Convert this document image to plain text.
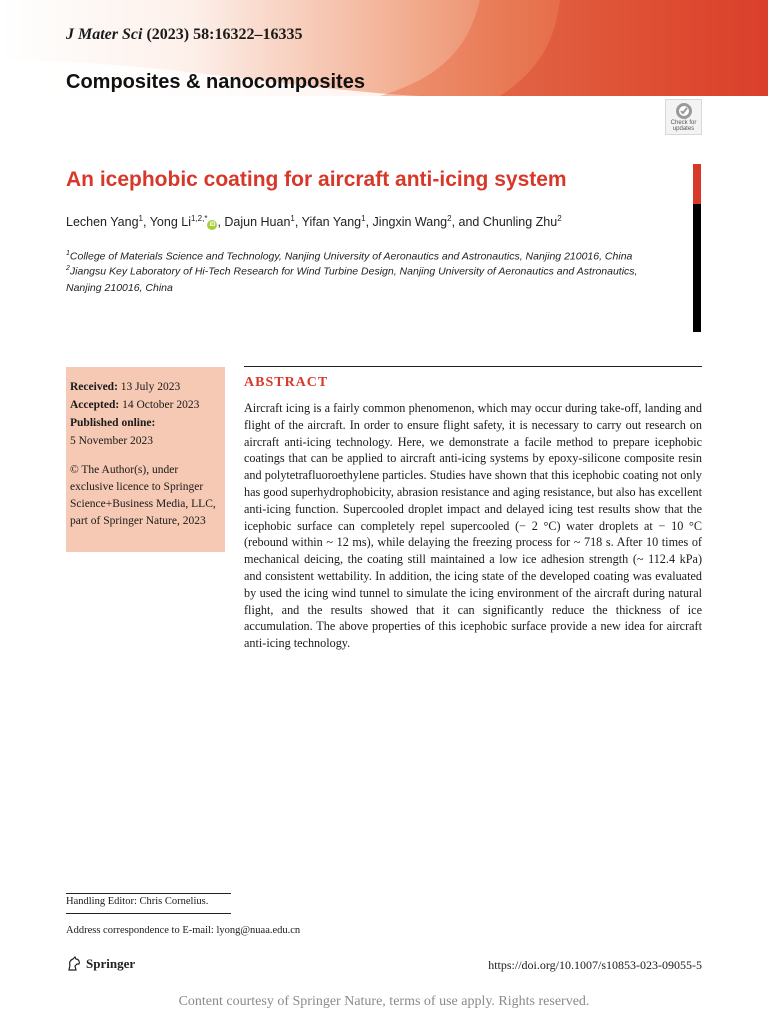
J Mater Sci (2023) 58:16322–16335
Composites & nanocomposites
Check for
updates
An icephobic coating for aircraft anti-icing system
Lechen Yang$^1$, Yong $Li^{1,2,*}iD$ , Dajun Huan$^1$, Yifan Yang$^1$, Jingxin Wang$^2$, and Chunling Zhu$^2$
$^1$College of Materials Science and Technology, Nanjing University of Aeronautics and Astronautics, Nanjing 210016, China
$^2$Jiangsu Key Laboratory of Hi-Tech Research for Wind Turbine Design, Nanjing University of Aeronautics and Astronautics,
Nanjing 210016, China
Received: 13 July 2023
Accepted: 14 October 2023
Published online:
5 November 2023
© The Author(s), under exclusive licence to Springer Science+Business Media, LLC, part of Springer Nature, 2023
ABSTRACT
Aircraft icing is a fairly common phenomenon, which may occur during take-off, landing and flight of the aircraft. In order to ensure flight safety, it is necessary to carry out research on aircraft anti-icing technology. Here, we demonstrate a facile method to prepare icephobic coatings that can be applied to aircraft anti-icing systems by epoxy-silicone composite resin and polytetrafluoroethylene particles. Studies have shown that this icephobic coating not only has good superhydrophobicity, abrasion resistance and aging resistance, but also has excellent anti-icing function. Supercooled droplet impact and delayed icing test results show that the icephobic surface can completely repel supercooled (− 2 °C) water droplets at − 10 °C (rebound within ~ 12 ms), while delaying the freezing process for ~ 718 s. After 10 times of mechanical deicing, the coating still maintained a low ice adhesion strength (~ 112.4 kPa) and consistent wettability. In addition, the icing state of the developed coating was evaluated by used the icing wind tunnel to simulate the icing environment of the aircraft during natural flight, and the results showed that it can significantly reduce the thickness of ice accumulation. The above properties of this icephobic surface provide a new idea for aircraft anti-icing technology.
Handling Editor: Chris Cornelius.
Address correspondence to E-mail: lyong@nuaa.edu.cn
Springer	https://doi.org/10.1007/s10853-023-09055-5
Content courtesy of Springer Nature, terms of use apply. Rights reserved.
